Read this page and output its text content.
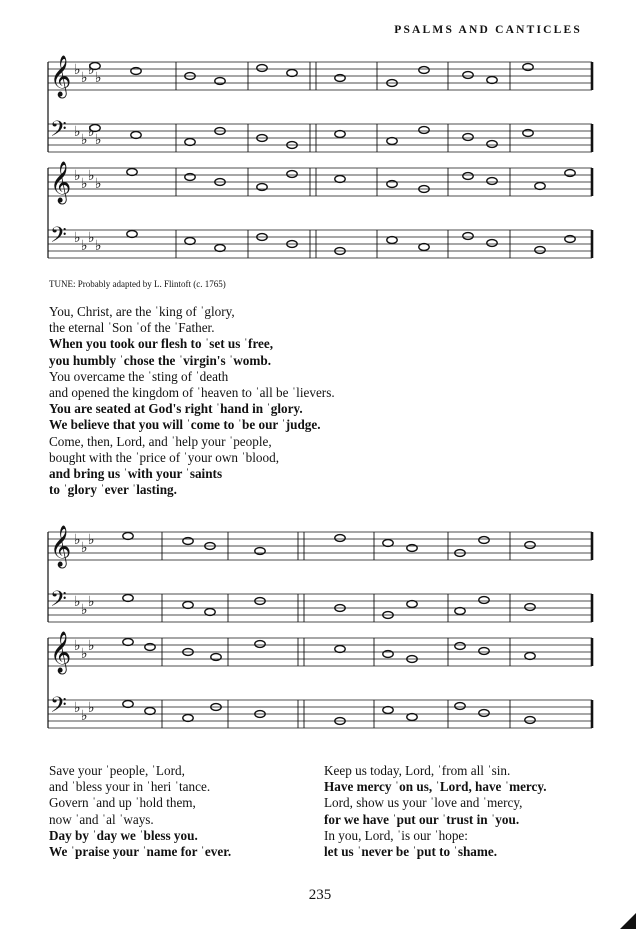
PSALMS AND CANTICLES
𝄞 ♭ ♭ ♭ ♭
𝄢 ♭ ♭ ♭ ♭
𝄞 ♭ ♭ ♭ ♭
𝄢 ♭ ♭ ♭ ♭
TUNE: Probably adapted by L. Flintoft (c. 1765)
You, Christ, are the ˈking of ˈglory,
the eternal ˈSon ˈof the ˈFather.
When you took our flesh to ˈset us ˈfree,
you humbly ˈchose the ˈvirgin's ˈwomb.
You overcame the ˈsting of ˈdeath
and opened the kingdom of ˈheaven to ˈall be ˈlievers.
You are seated at God's right ˈhand in ˈglory.
We believe that you will ˈcome to ˈbe our ˈjudge.
Come, then, Lord, and ˈhelp your ˈpeople,
bought with the ˈprice of ˈyour own ˈblood,
and bring us ˈwith your ˈsaints
to ˈglory ˈever ˈlasting.
𝄞 ♭ ♭ ♭
𝄢 ♭ ♭ ♭
𝄞 ♭ ♭ ♭
𝄢 ♭ ♭ ♭
Save your ˈpeople, ˈLord,
and ˈbless your in ˈheri ˈtance.
Govern ˈand up ˈhold them,
now ˈand ˈal ˈways.
Day by ˈday we ˈbless you.
We ˈpraise your ˈname for ˈever.
Keep us today, Lord, ˈfrom all ˈsin.
Have mercy ˈon us, ˈLord, have ˈmercy.
Lord, show us your ˈlove and ˈmercy,
for we have ˈput our ˈtrust in ˈyou.
In you, Lord, ˈis our ˈhope:
let us ˈnever be ˈput to ˈshame.
235
